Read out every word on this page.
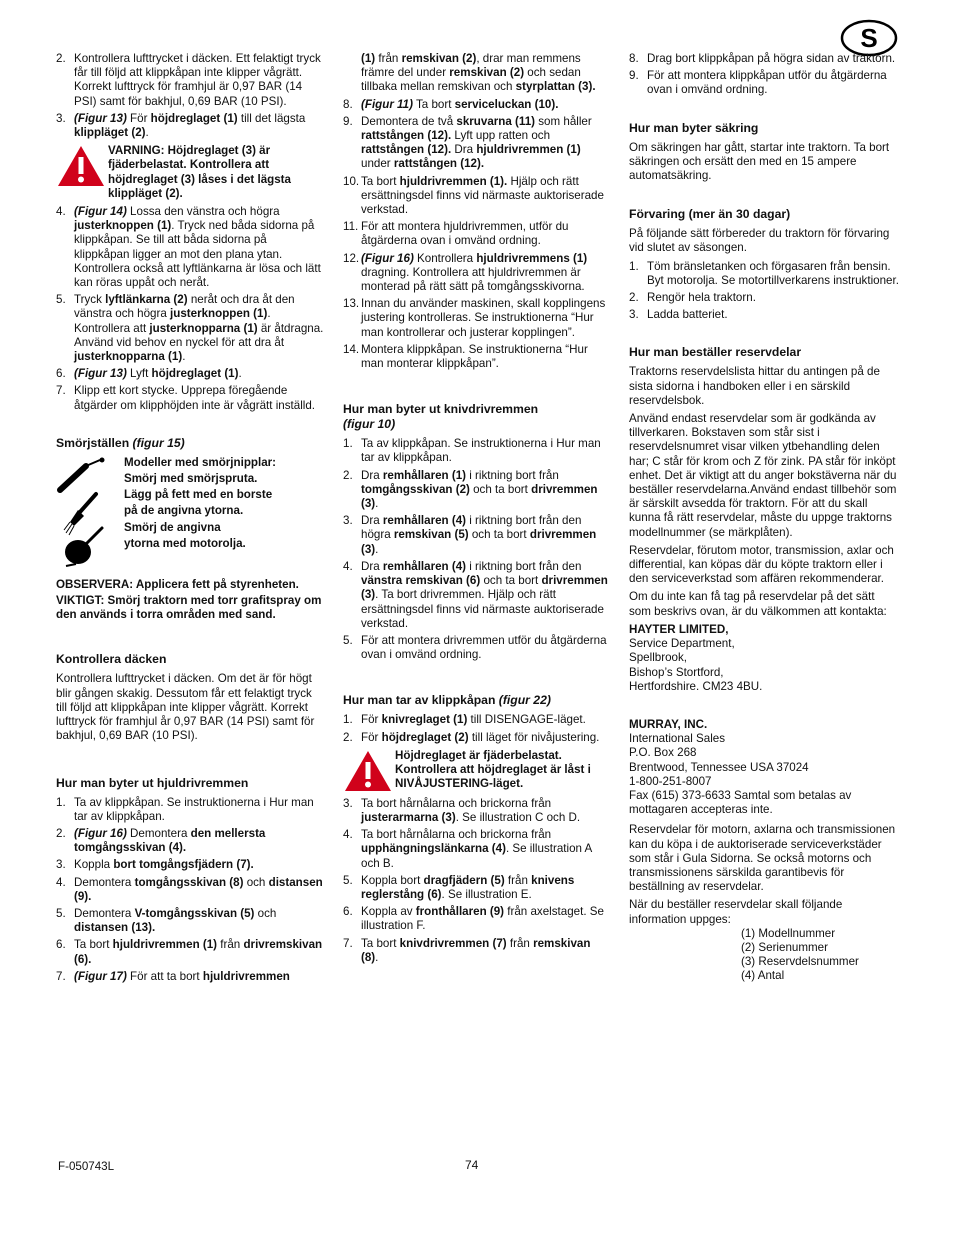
S
2. Kontrollera lufttrycket i däcken. Ett felaktigt tryck får till följd att klippkåpan inte klipper vågrätt. Korrekt lufttryck för framhjul är 0,97 BAR (14 PSI) samt för bakhjul, 0,69 BAR (10 PSI).
3. (Figur 13) För höjdreglaget (1) till det lägsta klippläget (2).
VARNING: Höjdreglaget (3) är fjäderbelastat. Kontrollera att höjdreglaget (3) låses i det lägsta klippläget (2).
4. (Figur 14) Lossa den vänstra och högra justerknoppen (1). Tryck ned båda sidorna på klippkåpan. Se till att båda sidorna på klippkåpan ligger an mot den plana ytan. Kontrollera också att lyftlänkarna är lösa och lätt kan röras uppåt och neråt.
5. Tryck lyftlänkarna (2) neråt och dra åt den vänstra och högra justerknoppen (1). Kontrollera att justerknopparna (1) är åtdragna. Använd vid behov en nyckel för att dra åt justerknopparna (1).
6. (Figur 13) Lyft höjdreglaget (1).
7. Klipp ett kort stycke. Upprepa föregående åtgärder om klipphöjden inte är vågrätt inställd.
Smörjställen (figur 15)
Modeller med smörjnipplar:
Smörj med smörjspruta.
Lägg på fett med en borste
på de angivna ytorna.
Smörj de angivna
ytorna med motorolja.
OBSERVERA: Applicera fett på styrenheten.
VIKTIGT: Smörj traktorn med torr grafitspray om den används i torra områden med sand.
Kontrollera däcken

Kontrollera lufttrycket i däcken. Om det är för högt blir gången skakig. Dessutom får ett felaktigt tryck till följd att klippkåpan inte klipper vågrätt. Korrekt lufttryck för framhjul år 0,97 BAR (14 PSI) samt för bakhjul, 0,69 BAR (10 PSI).

Hur man byter ut hjuldrivremmen
1. Ta av klippkåpan. Se instruktionerna i Hur man tar av klippkåpan.
2. (Figur 16) Demontera den mellersta tomgångsskivan (4).
3. Koppla bort tomgångsfjädern (7).
4. Demontera tomgångsskivan (8) och distansen (9).
5. Demontera V-tomgångsskivan (5) och distansen (13).
6. Ta bort hjuldrivremmen (1) från drivremskivan (6).
7. (Figur 17) För att ta bort hjuldrivremmen
(1) från remskivan (2), drar man remmens främre del under remskivan (2) och sedan tillbaka mellan remskivan och styrplattan (3).
8. (Figur 11) Ta bort serviceluckan (10).
9. Demontera de två skruvarna (11) som håller rattstången (12). Lyft upp ratten och rattstången (12). Dra hjuldrivremmen (1) under rattstången (12).
10. Ta bort hjuldrivremmen (1). Hjälp och rätt ersättningsdel finns vid närmaste auktoriserade verkstad.
11. För att montera hjuldrivremmen, utför du åtgärderna ovan i omvänd ordning.
12. (Figur 16) Kontrollera hjuldrivremmens (1) dragning. Kontrollera att hjuldrivremmen är monterad på rätt sätt på tomgångsskivorna.
13. Innan du använder maskinen, skall kopplingens justering kontrolleras. Se instruktionerna “Hur man kontrollerar och justerar kopplingen”.
14. Montera klippkåpan. Se instruktionerna “Hur man monterar klippkåpan”.
Hur man byter ut knivdrivremmen
(figur 10)
1. Ta av klippkåpan. Se instruktionerna i Hur man tar av klippkåpan.
2. Dra remhållaren (1) i riktning bort från tomgångsskivan (2) och ta bort drivremmen (3).
3. Dra remhållaren (4) i riktning bort från den högra remskivan (5) och ta bort drivremmen (3).
4. Dra remhållaren (4) i riktning bort från den vänstra remskivan (6) och ta bort drivremmen (3). Ta bort drivremmen. Hjälp och rätt ersättningsdel finns vid närmaste auktoriserade verkstad.
5. För att montera drivremmen utför du åtgärderna ovan i omvänd ordning.
Hur man tar av klippkåpan (figur 22)
1. För knivreglaget (1) till DISENGAGE-läget.
2. För höjdreglaget (2) till läget för nivåjustering.
Höjdreglaget är fjäderbelastat. Kontrollera att höjdreglaget är låst i NIVÅJUSTERING-läget.
3. Ta bort hårnålarna och brickorna från justerarmarna (3). Se illustration C och D.
4. Ta bort hårnålarna och brickorna från upphängningslänkarna (4). Se illustration A och B.
5. Koppla bort dragfjädern (5) från knivens reglerstång (6). Se illustration E.
6. Koppla av fronthållaren (9) från axelstaget. Se illustration F.
7. Ta bort knivdrivremmen (7) från remskivan (8).
8. Drag bort klippkåpan på högra sidan av traktorn.
9. För att montera klippkåpan utför du åtgärderna ovan i omvänd ordning.
Hur man byter säkring

Om säkringen har gått, startar inte traktorn. Ta bort säkringen och ersätt den med en 15 ampere automatsäkring.

Förvaring (mer än 30 dagar)

På följande sätt förbereder du traktorn för förvaring vid slutet av säsongen.

1. Töm bränsletanken och förgasaren från bensin. Byt motorolja. Se motortillverkarens instruktioner.
2. Rengör hela traktorn.
3. Ladda batteriet.
Hur man beställer reservdelar

Traktorns reservdelslista hittar du antingen på de sista sidorna i handboken eller i en särskild reservdelsbok.

Använd endast reservdelar som är godkända av tillverkaren. Bokstaven som står sist i reservdelsnumret visar vilken ytbehandling delen har; C står för krom och Z för zink. PA står för inköpt enhet. Det är viktigt att du anger bokstäverna när du beställer reservdelarna.Använd endast tillbehör som är särskilt avsedda för traktorn. För att du skall kunna få rätt reservdelar, måste du uppge traktorns modellnummer (se märkplåten).

Reservdelar, förutom motor, transmission, axlar och differential, kan köpas där du köpte traktorn eller i den serviceverkstad som affären rekommenderar.

Om du inte kan få tag på reservdelar på det sätt som beskrivs ovan, är du välkommen att kontakta:

HAYTER LIMITED,
Service Department,
Spellbrook,
Bishop’s Stortford,
Hertfordshire. CM23 4BU.
MURRAY, INC.
International Sales
P.O. Box 268
Brentwood, Tennessee USA 37024
1-800-251-8007
Fax (615) 373-6633 Samtal som betalas av mottagaren accepteras inte.

Reservdelar för motorn, axlarna och transmissionen kan du köpa i de auktoriserade serviceverkstäder som står i Gula Sidorna. Se också motorns och transmissionens särskilda garantibevis för beställning av reservdelar.

När du beställer reservdelar skall följande information uppges:

(1) Modellnummer
(2) Serienummer
(3) Reservdelsnummer
(4) Antal
F-050743L	74
